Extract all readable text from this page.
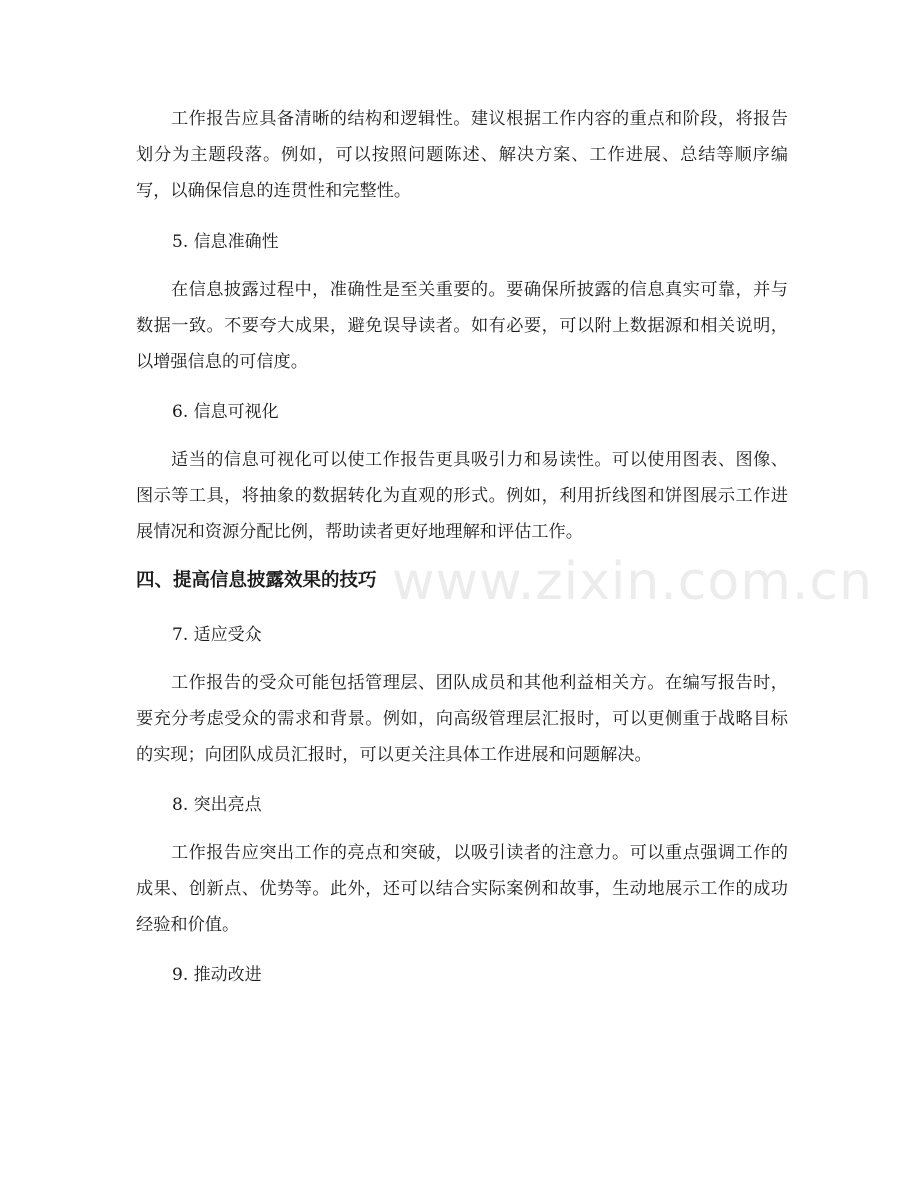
www.zixin.com.cn

工作报告应具备清晰的结构和逻辑性。建议根据工作内容的重点和阶段，将报告划分为主题段落。例如，可以按照问题陈述、解决方案、工作进展、总结等顺序编写，以确保信息的连贯性和完整性。

5. 信息准确性

在信息披露过程中，准确性是至关重要的。要确保所披露的信息真实可靠，并与数据一致。不要夸大成果，避免误导读者。如有必要，可以附上数据源和相关说明，以增强信息的可信度。

6. 信息可视化

适当的信息可视化可以使工作报告更具吸引力和易读性。可以使用图表、图像、图示等工具，将抽象的数据转化为直观的形式。例如，利用折线图和饼图展示工作进展情况和资源分配比例，帮助读者更好地理解和评估工作。

四、提高信息披露效果的技巧
7. 适应受众

工作报告的受众可能包括管理层、团队成员和其他利益相关方。在编写报告时，要充分考虑受众的需求和背景。例如，向高级管理层汇报时，可以更侧重于战略目标的实现；向团队成员汇报时，可以更关注具体工作进展和问题解决。

8. 突出亮点

工作报告应突出工作的亮点和突破，以吸引读者的注意力。可以重点强调工作的成果、创新点、优势等。此外，还可以结合实际案例和故事，生动地展示工作的成功经验和价值。

9. 推动改进
